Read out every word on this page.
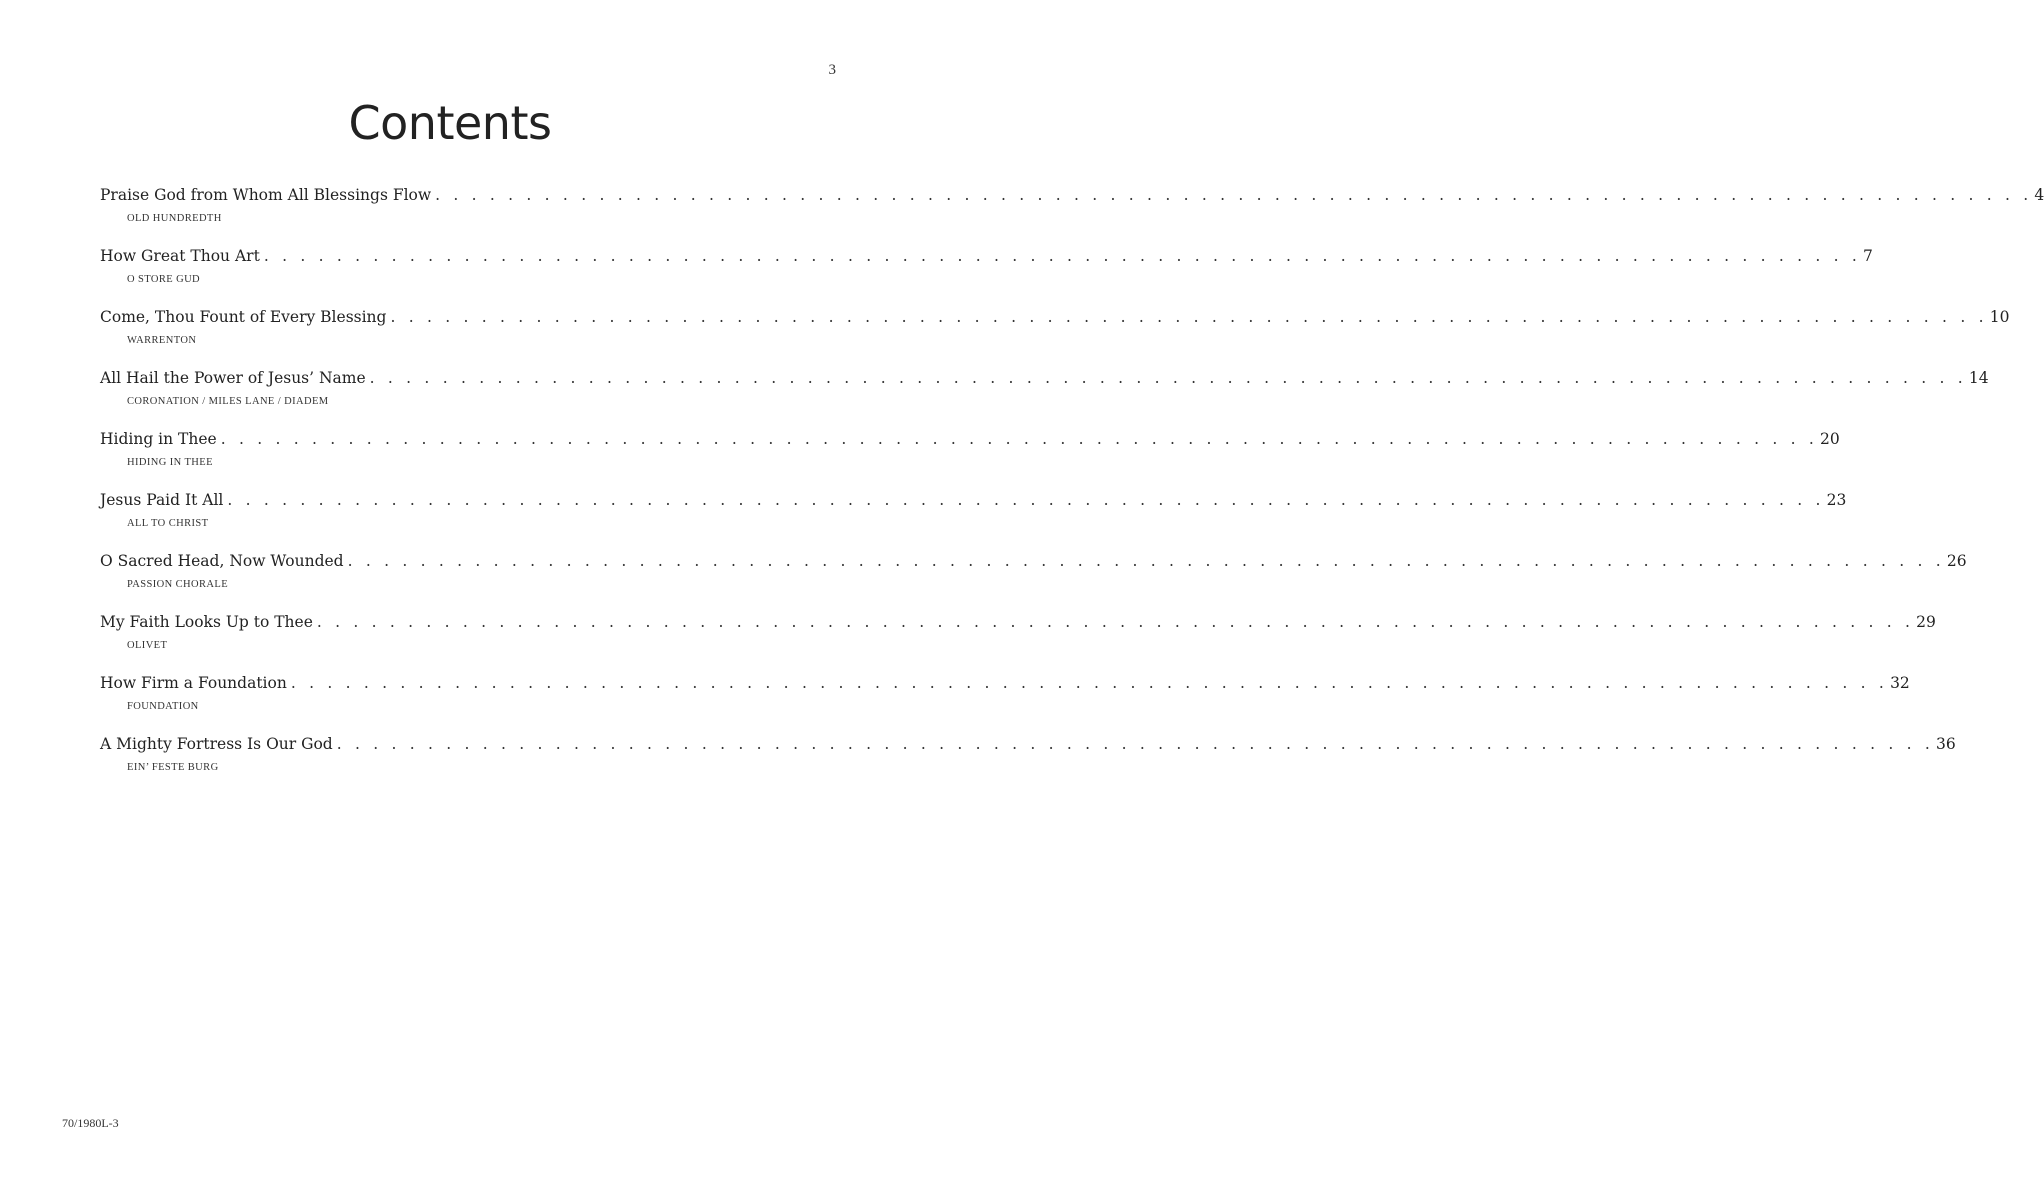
3
Contents
Praise God from Whom All Blessings Flow . . . . . . . . . . . . . . . . . . . . . . . . . . . . . . . . . . . . . . . . . . . . . . . . . . . . . . . . . . . . . . . . . . . . . . . . . . . . . . . . . . . . . . . . 4
OLD HUNDREDTH
How Great Thou Art . . . . . . . . . . . . . . . . . . . . . . . . . . . . . . . . . . . . . . . . . . . . . . . . . . . . . . . . . . . . . . . . . . . . . . . . . . . . . . . . . . . . . . . . 7
O STORE GUD
Come, Thou Fount of Every Blessing . . . . . . . . . . . . . . . . . . . . . . . . . . . . . . . . . . . . . . . . . . . . . . . . . . . . . . . . . . . . . . . . . . . . . . . . . . . . . . . . . . . . . . . . 10
WARRENTON
All Hail the Power of Jesus’ Name . . . . . . . . . . . . . . . . . . . . . . . . . . . . . . . . . . . . . . . . . . . . . . . . . . . . . . . . . . . . . . . . . . . . . . . . . . . . . . . . . . . . . . . . 14
CORONATION / MILES LANE / DIADEM
Hiding in Thee . . . . . . . . . . . . . . . . . . . . . . . . . . . . . . . . . . . . . . . . . . . . . . . . . . . . . . . . . . . . . . . . . . . . . . . . . . . . . . . . . . . . . . . . 20
HIDING IN THEE
Jesus Paid It All . . . . . . . . . . . . . . . . . . . . . . . . . . . . . . . . . . . . . . . . . . . . . . . . . . . . . . . . . . . . . . . . . . . . . . . . . . . . . . . . . . . . . . . . 23
ALL TO CHRIST
O Sacred Head, Now Wounded . . . . . . . . . . . . . . . . . . . . . . . . . . . . . . . . . . . . . . . . . . . . . . . . . . . . . . . . . . . . . . . . . . . . . . . . . . . . . . . . . . . . . . . . 26
PASSION CHORALE
My Faith Looks Up to Thee . . . . . . . . . . . . . . . . . . . . . . . . . . . . . . . . . . . . . . . . . . . . . . . . . . . . . . . . . . . . . . . . . . . . . . . . . . . . . . . . . . . . . . . . 29
OLIVET
How Firm a Foundation . . . . . . . . . . . . . . . . . . . . . . . . . . . . . . . . . . . . . . . . . . . . . . . . . . . . . . . . . . . . . . . . . . . . . . . . . . . . . . . . . . . . . . . . 32
FOUNDATION
A Mighty Fortress Is Our God . . . . . . . . . . . . . . . . . . . . . . . . . . . . . . . . . . . . . . . . . . . . . . . . . . . . . . . . . . . . . . . . . . . . . . . . . . . . . . . . . . . . . . . . 36
EIN’ FESTE BURG
70/1980L-3
